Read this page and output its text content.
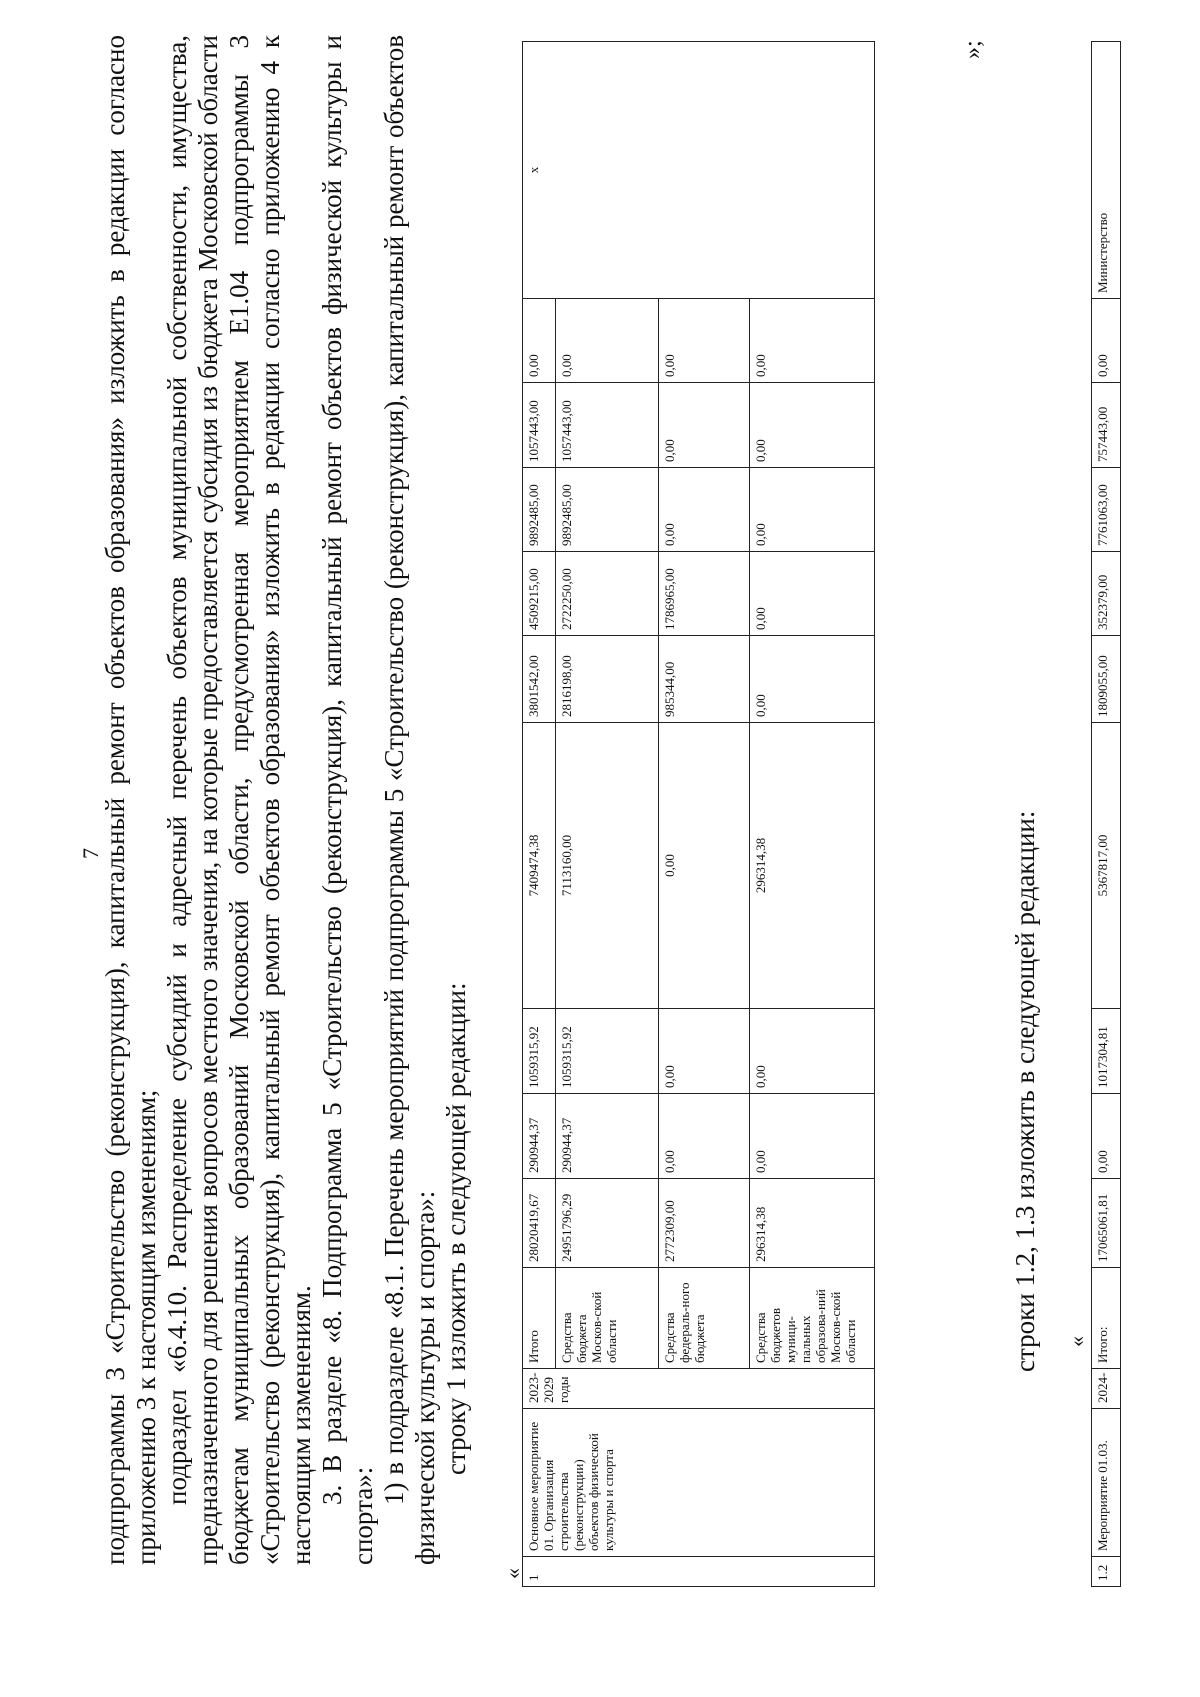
7

подпрограммы 3 «Строительство (реконструкция), капитальный ремонт объектов образования» изложить в редакции согласно приложению 3 к настоящим изменениям; подраздел «6.4.10. Распределение субсидий и адресный перечень объектов муниципальной собственности, имущества, предназначенного для решения вопросов местного значения, на которые предоставляется субсидия из бюджета Московской области бюджетам муниципальных образований Московской области, предусмотренная мероприятием Е1.04 подпрограммы 3 «Строительство (реконструкция), капитальный ремонт объектов образования» изложить в редакции согласно приложению 4 к настоящим изменениям. 3. В разделе «8. Подпрограмма 5 «Строительство (реконструкция), капитальный ремонт объектов физической культуры и спорта»:

1) в подразделе «8.1. Перечень мероприятий подпрограммы 5 «Строительство (реконструкция), капитальный ремонт объектов физической культуры и спорта»: строку 1 изложить в следующей редакции:

« 1	Основное мероприятие 01. Организация строительства (реконструкции) объектов физической культуры и спорта	2023-2029 годы	Итого	28020419,67	290944,37	1059315,92	7409474,38	3801542,00	4509215,00	9892485,00	1057443,00	0,00	х
			Средства бюджета Москов-ской области	24951796,29	290944,37	1059315,92	7113160,00	2816198,00	2722250,00	9892485,00	1057443,00	0,00	
			Средства федераль-ного бюджета	2772309,00	0,00	0,00	0,00	985344,00	1786965,00	0,00	0,00	0,00	
			Средства бюджетов муници-пальных образова-ний Москов-ской области	296314,38	0,00	0,00	296314,38	0,00	0,00	0,00	0,00	0,00	
»;
строки 1.2, 1.3 изложить в следующей редакции: «
1.2	Мероприятие 01.03.	2024-	Итого:	17065061,81	0,00	1017304,81	5367817,00	1809055,00	352379,00	7761063,00	757443,00	0,00	Министерство
